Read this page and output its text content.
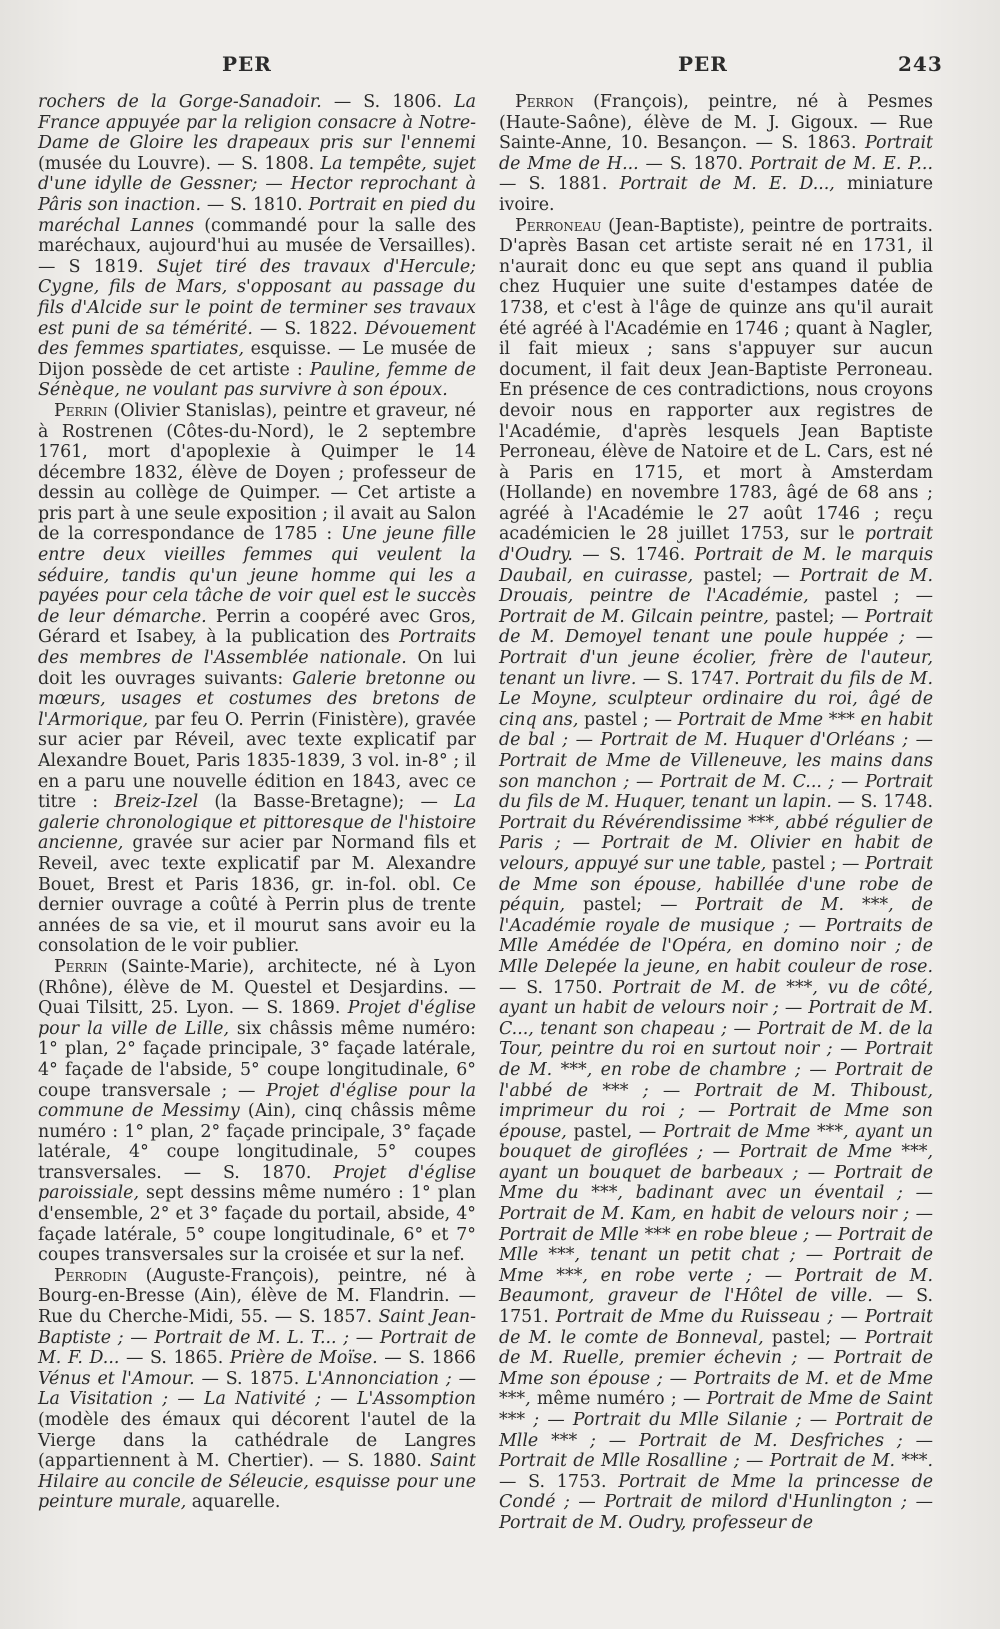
PER	PER	243

rochers de la Gorge-Sanadoir. — S. 1806. La France appuyée par la religion consacre à Notre-Dame de Gloire les drapeaux pris sur l'ennemi (musée du Louvre). — S. 1808. La tempête, sujet d'une idylle de Gessner; — Hector reprochant à Pâris son inaction. — S. 1810. Portrait en pied du maréchal Lannes (commandé pour la salle des maréchaux, aujourd'hui au musée de Versailles). — S 1819. Sujet tiré des travaux d'Hercule; Cygne, fils de Mars, s'opposant au passage du fils d'Alcide sur le point de terminer ses travaux est puni de sa témérité. — S. 1822. Dévouement des femmes spartiates, esquisse. — Le musée de Dijon possède de cet artiste : Pauline, femme de Sénèque, ne voulant pas survivre à son époux.

Perrin (Olivier Stanislas), peintre et graveur, né à Rostrenen (Côtes-du-Nord), le 2 septembre 1761, mort d'apoplexie à Quimper le 14 décembre 1832, élève de Doyen ; professeur de dessin au collège de Quimper. — Cet artiste a pris part à une seule exposition ; il avait au Salon de la correspondance de 1785 : Une jeune fille entre deux vieilles femmes qui veulent la séduire, tandis qu'un jeune homme qui les a payées pour cela tâche de voir quel est le succès de leur démarche. Perrin a coopéré avec Gros, Gérard et Isabey, à la publication des Portraits des membres de l'Assemblée nationale. On lui doit les ouvrages suivants: Galerie bretonne ou mœurs, usages et costumes des bretons de l'Armorique, par feu O. Perrin (Finistère), gravée sur acier par Réveil, avec texte explicatif par Alexandre Bouet, Paris 1835-1839, 3 vol. in-8° ; il en a paru une nouvelle édition en 1843, avec ce titre : Breiz-Izel (la Basse-Bretagne); — La galerie chronologique et pittoresque de l'histoire ancienne, gravée sur acier par Normand fils et Reveil, avec texte explicatif par M. Alexandre Bouet, Brest et Paris 1836, gr. in-fol. obl. Ce dernier ouvrage a coûté à Perrin plus de trente années de sa vie, et il mourut sans avoir eu la consolation de le voir publier.

Perrin (Sainte-Marie), architecte, né à Lyon (Rhône), élève de M. Questel et Desjardins. — Quai Tilsitt, 25. Lyon. — S. 1869. Projet d'église pour la ville de Lille, six châssis même numéro: 1° plan, 2° façade principale, 3° façade latérale, 4° façade de l'abside, 5° coupe longitudinale, 6° coupe transversale ; — Projet d'église pour la commune de Messimy (Ain), cinq châssis même numéro : 1° plan, 2° façade principale, 3° façade latérale, 4° coupe longitudinale, 5° coupes transversales. — S. 1870. Projet d'église paroissiale, sept dessins même numéro : 1° plan d'ensemble, 2° et 3° façade du portail, abside, 4° façade latérale, 5° coupe longitudinale, 6° et 7° coupes transversales sur la croisée et sur la nef.

Perrodin (Auguste-François), peintre, né à Bourg-en-Bresse (Ain), élève de M. Flandrin. — Rue du Cherche-Midi, 55. — S. 1857. Saint Jean-Baptiste ; — Portrait de M. L. T... ; — Portrait de M. F. D... — S. 1865. Prière de Moïse. — S. 1866 Vénus et l'Amour. — S. 1875. L'Annonciation ; — La Visitation ; — La Nativité ; — L'Assomption (modèle des émaux qui décorent l'autel de la Vierge dans la cathédrale de Langres (appartiennent à M. Chertier). — S. 1880. Saint Hilaire au concile de Séleucie, esquisse pour une peinture murale, aquarelle.

Perron (François), peintre, né à Pesmes (Haute-Saône), élève de M. J. Gigoux. — Rue Sainte-Anne, 10. Besançon. — S. 1863. Portrait de Mme de H... — S. 1870. Portrait de M. E. P... — S. 1881. Portrait de M. E. D..., miniature ivoire.

Perroneau (Jean-Baptiste), peintre de portraits. D'après Basan cet artiste serait né en 1731, il n'aurait donc eu que sept ans quand il publia chez Huquier une suite d'estampes datée de 1738, et c'est à l'âge de quinze ans qu'il aurait été agréé à l'Académie en 1746 ; quant à Nagler, il fait mieux ; sans s'appuyer sur aucun document, il fait deux Jean-Baptiste Perroneau. En présence de ces contradictions, nous croyons devoir nous en rapporter aux registres de l'Académie, d'après lesquels Jean Baptiste Perroneau, élève de Natoire et de L. Cars, est né à Paris en 1715, et mort à Amsterdam (Hollande) en novembre 1783, âgé de 68 ans ; agréé à l'Académie le 27 août 1746 ; reçu académicien le 28 juillet 1753, sur le portrait d'Oudry. — S. 1746. Portrait de M. le marquis Daubail, en cuirasse, pastel; — Portrait de M. Drouais, peintre de l'Académie, pastel ; — Portrait de M. Gilcain peintre, pastel; — Portrait de M. Demoyel tenant une poule huppée ; — Portrait d'un jeune écolier, frère de l'auteur, tenant un livre. — S. 1747. Portrait du fils de M. Le Moyne, sculpteur ordinaire du roi, âgé de cinq ans, pastel ; — Portrait de Mme *** en habit de bal ; — Portrait de M. Huquer d'Orléans ; — Portrait de Mme de Villeneuve, les mains dans son manchon ; — Portrait de M. C... ; — Portrait du fils de M. Huquer, tenant un lapin. — S. 1748. Portrait du Révérendissime ***, abbé régulier de Paris ; — Portrait de M. Olivier en habit de velours, appuyé sur une table, pastel ; — Portrait de Mme son épouse, habillée d'une robe de péquin, pastel; — Portrait de M. ***, de l'Académie royale de musique ; — Portraits de Mlle Amédée de l'Opéra, en domino noir ; de Mlle Delepée la jeune, en habit couleur de rose. — S. 1750. Portrait de M. de ***, vu de côté, ayant un habit de velours noir ; — Portrait de M. C..., tenant son chapeau ; — Portrait de M. de la Tour, peintre du roi en surtout noir ; — Portrait de M. ***, en robe de chambre ; — Portrait de l'abbé de *** ; — Portrait de M. Thiboust, imprimeur du roi ; — Portrait de Mme son épouse, pastel, — Portrait de Mme ***, ayant un bouquet de giroflées ; — Portrait de Mme ***, ayant un bouquet de barbeaux ; — Portrait de Mme du ***, badinant avec un éventail ; — Portrait de M. Kam, en habit de velours noir ; — Portrait de Mlle *** en robe bleue ; — Portrait de Mlle ***, tenant un petit chat ; — Portrait de Mme ***, en robe verte ; — Portrait de M. Beaumont, graveur de l'Hôtel de ville. — S. 1751. Portrait de Mme du Ruisseau ; — Portrait de M. le comte de Bonneval, pastel; — Portrait de M. Ruelle, premier échevin ; — Portrait de Mme son épouse ; — Portraits de M. et de Mme ***, même numéro ; — Portrait de Mme de Saint *** ; — Portrait du Mlle Silanie ; — Portrait de Mlle *** ; — Portrait de M. Desfriches ; — Portrait de Mlle Rosalline ; — Portrait de M. ***. — S. 1753. Portrait de Mme la princesse de Condé ; — Portrait de milord d'Hunlington ; — Portrait de M. Oudry, professeur de
